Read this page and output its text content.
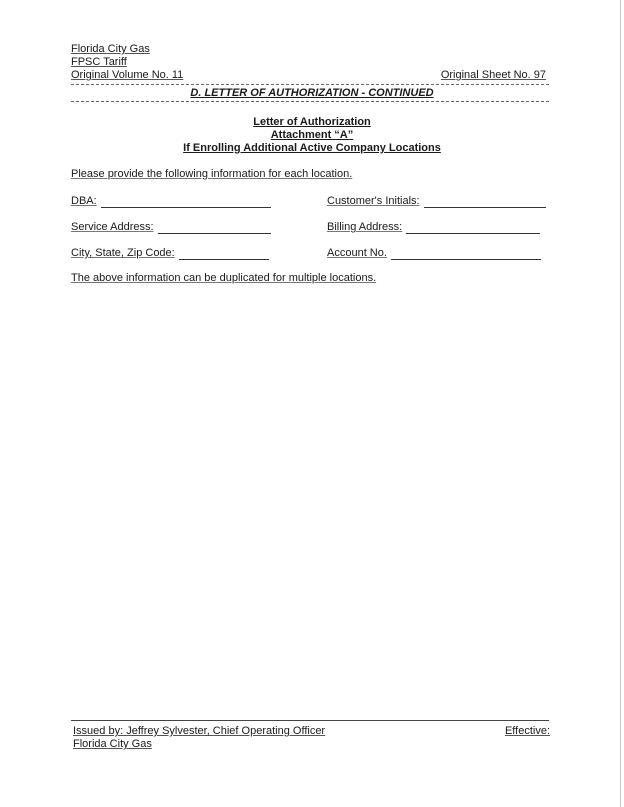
Florida City Gas
FPSC Tariff
Original Volume No. 11	Original Sheet No. 97
D. LETTER OF AUTHORIZATION - CONTINUED
Letter of Authorization
Attachment “A”
If Enrolling Additional Active Company Locations
Please provide the following information for each location.
DBA:	Customer's Initials:
Service Address:	Billing Address:
City, State, Zip Code:	Account No.
The above information can be duplicated for multiple locations.
Issued by: Jeffrey Sylvester, Chief Operating Officer
Florida City Gas
Effective:
